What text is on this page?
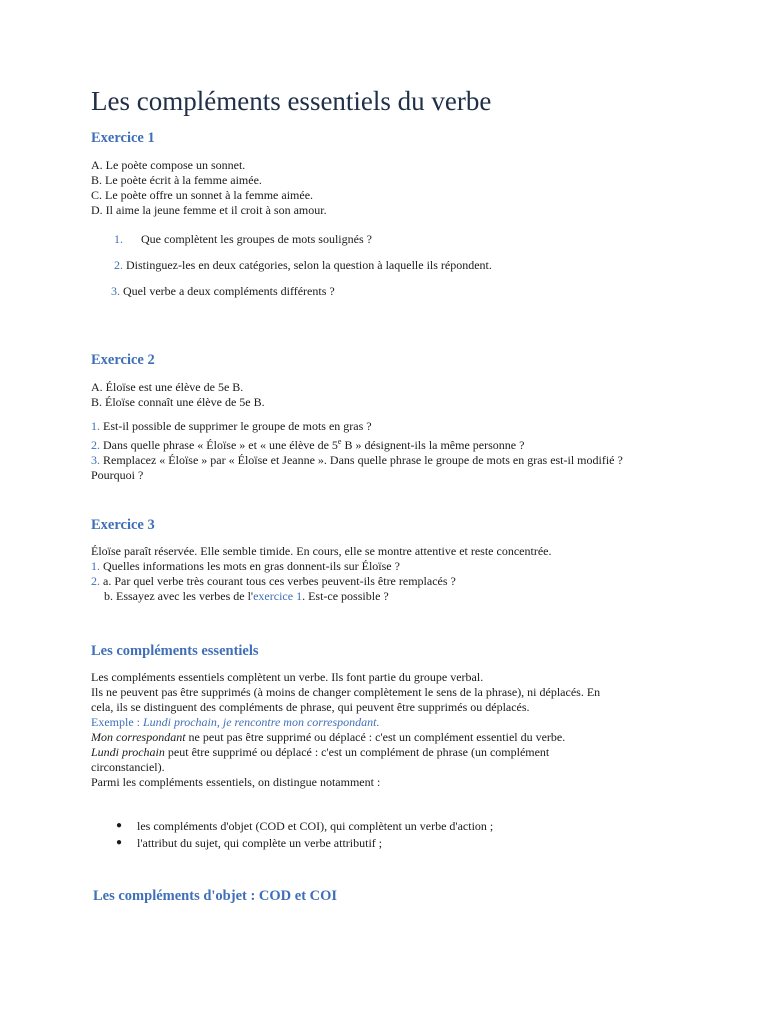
Les compléments essentiels du verbe
Exercice 1
A. Le poète compose un sonnet.
B. Le poète écrit à la femme aimée.
C. Le poète offre un sonnet à la femme aimée.
D. Il aime la jeune femme et il croit à son amour.
1. Que complètent les groupes de mots soulignés ?
2. Distinguez-les en deux catégories, selon la question à laquelle ils répondent.
3. Quel verbe a deux compléments différents ?
Exercice 2
A. Éloïse est une élève de 5e B.
B. Éloïse connaît une élève de 5e B.
1. Est-il possible de supprimer le groupe de mots en gras ?
2. Dans quelle phrase « Éloïse » et « une élève de 5e B » désignent-ils la même personne ?
3. Remplacez « Éloïse » par « Éloïse et Jeanne ». Dans quelle phrase le groupe de mots en gras est-il modifié ? Pourquoi ?
Exercice 3
Éloïse paraît réservée. Elle semble timide. En cours, elle se montre attentive et reste concentrée.
1. Quelles informations les mots en gras donnent-ils sur Éloïse ?
2. a. Par quel verbe très courant tous ces verbes peuvent-ils être remplacés ?
b. Essayez avec les verbes de l'exercice 1. Est-ce possible ?
Les compléments essentiels
Les compléments essentiels complètent un verbe. Ils font partie du groupe verbal.
Ils ne peuvent pas être supprimés (à moins de changer complètement le sens de la phrase), ni déplacés. En cela, ils se distinguent des compléments de phrase, qui peuvent être supprimés ou déplacés.
Exemple : Lundi prochain, je rencontre mon correspondant.
Mon correspondant ne peut pas être supprimé ou déplacé : c'est un complément essentiel du verbe.
Lundi prochain peut être supprimé ou déplacé : c'est un complément de phrase (un complément circonstanciel).
Parmi les compléments essentiels, on distingue notamment :
● les compléments d'objet (COD et COI), qui complètent un verbe d'action ;
● l'attribut du sujet, qui complète un verbe attributif ;
Les compléments d'objet : COD et COI
